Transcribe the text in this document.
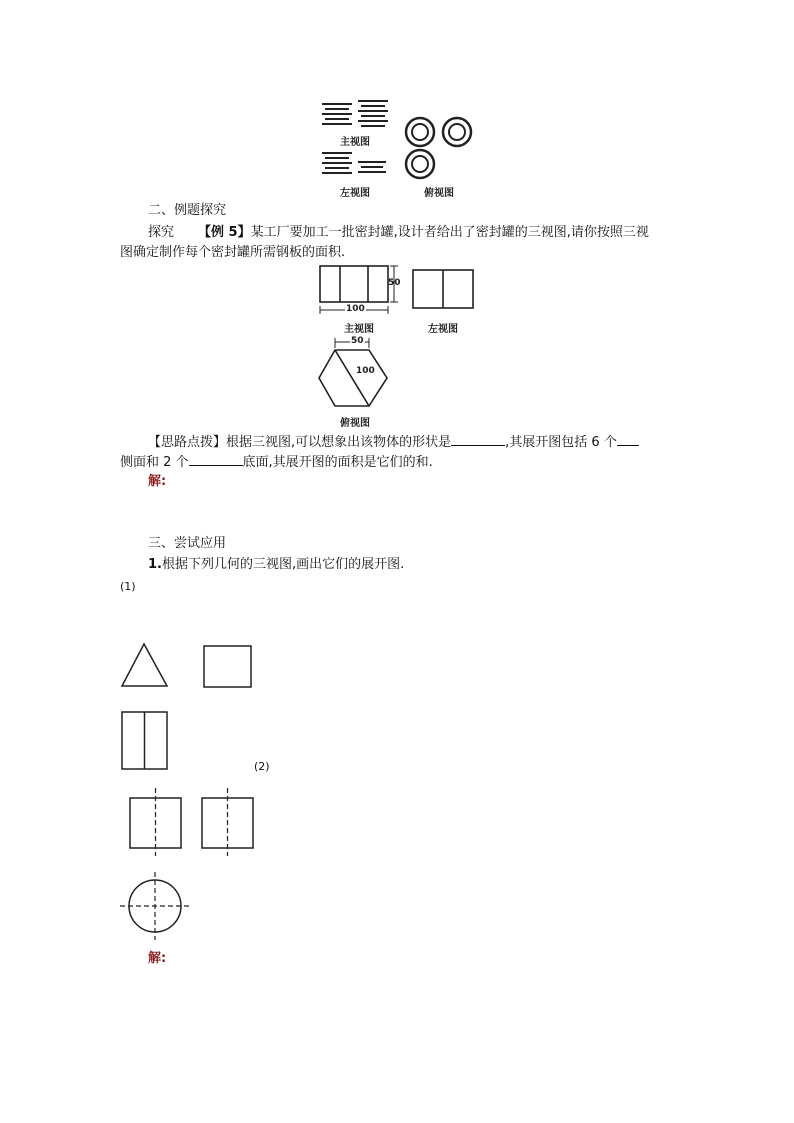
主视图
左视图	俯视图
二、例题探究
探究 【例 5】某工厂要加工一批密封罐,设计者给出了密封罐的三视图,请你按照三视
图确定制作每个密封罐所需钢板的面积.
50
100
主视图	左视图
50
100
俯视图
【思路点拨】根据三视图,可以想象出该物体的形状是	,其展开图包括 6 个
侧面和 2 个	底面,其展开图的面积是它们的和.
解:
三、尝试应用
1.根据下列几何的三视图,画出它们的展开图.
(1)
(2)
解:
